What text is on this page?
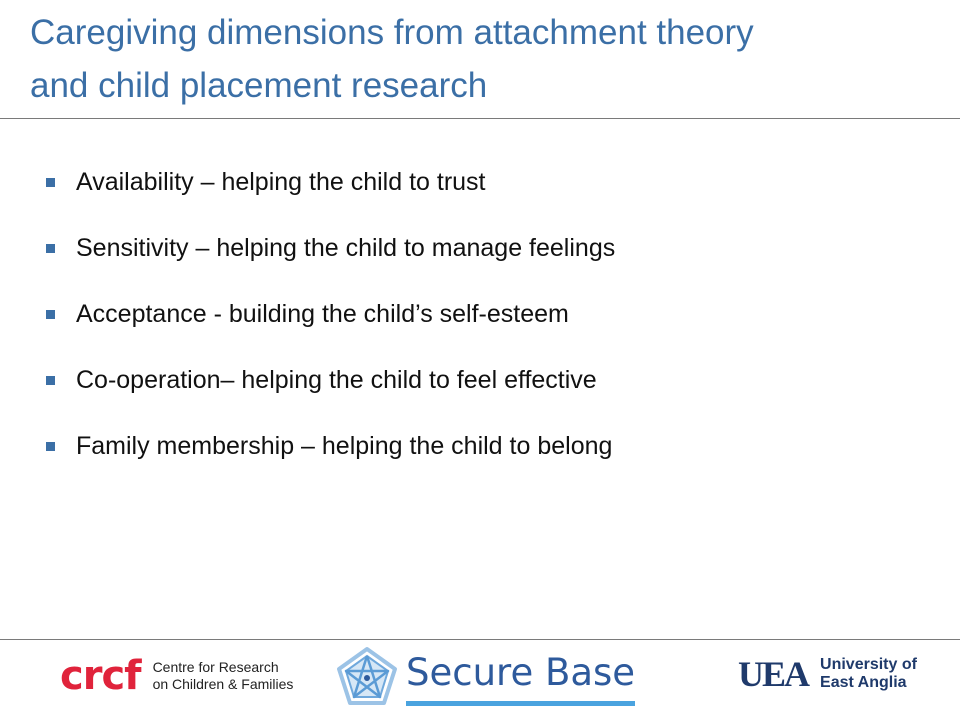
Caregiving dimensions from attachment theory
and child placement research
Availability – helping the child to trust
Sensitivity – helping the child to manage feelings
Acceptance - building the child’s self-esteem
Co-operation– helping the child to feel effective
Family membership – helping the child to belong
crcf Centre for Research
on Children & Families	Secure Base	UEA University of
East Anglia
